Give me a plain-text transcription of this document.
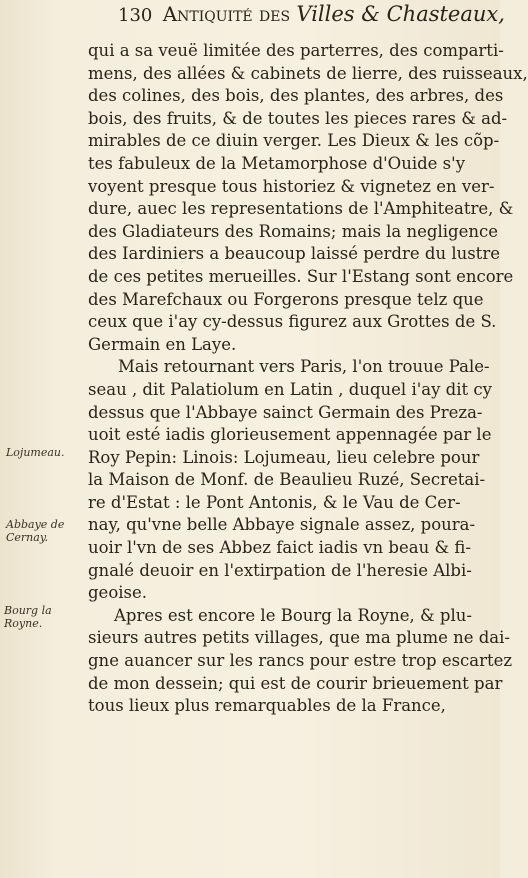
130 Antiquité des Villes & Chasteaux,
Lojumeau.
Abbaye de Cernay.
Bourg la Royne.
qui a sa veuë limitée des parterres, des comparti-
mens, des allées & cabinets de lierre, des ruisseaux,
des colines, des bois, des plantes, des arbres, des
bois, des fruits, & de toutes les pieces rares & ad-
mirables de ce diuin verger. Les Dieux & les cõp-
tes fabuleux de la Metamorphose d'Ouide s'y
voyent presque tous historiez & vignetez en ver-
dure, auec les representations de l'Amphiteatre, &
des Gladiateurs des Romains; mais la negligence
des Iardiniers a beaucoup laissé perdre du lustre
de ces petites merueilles. Sur l'Estang sont encore
des Marefchaux ou Forgerons presque telz que
ceux que i'ay cy-dessus figurez aux Grottes de S.
Germain en Laye.
Mais retournant vers Paris, l'on trouue Pale-
seau , dit Palatiolum en Latin , duquel i'ay dit cy
dessus que l'Abbaye sainct Germain des Preza-
uoit esté iadis glorieusement appennagée par le
Roy Pepin: Linois: Lojumeau, lieu celebre pour
la Maison de Monf. de Beaulieu Ruzé, Secretai-
re d'Estat : le Pont Antonis, & le Vau de Cer-
nay, qu'vne belle Abbaye signale assez, poura-
uoir l'vn de ses Abbez faict iadis vn beau & fi-
gnalé deuoir en l'extirpation de l'heresie Albi-
geoise.
Apres est encore le Bourg la Royne, & plu-
sieurs autres petits villages, que ma plume ne dai-
gne auancer sur les rancs pour estre trop escartez
de mon dessein; qui est de courir brieuement par
tous lieux plus remarquables de la France,
